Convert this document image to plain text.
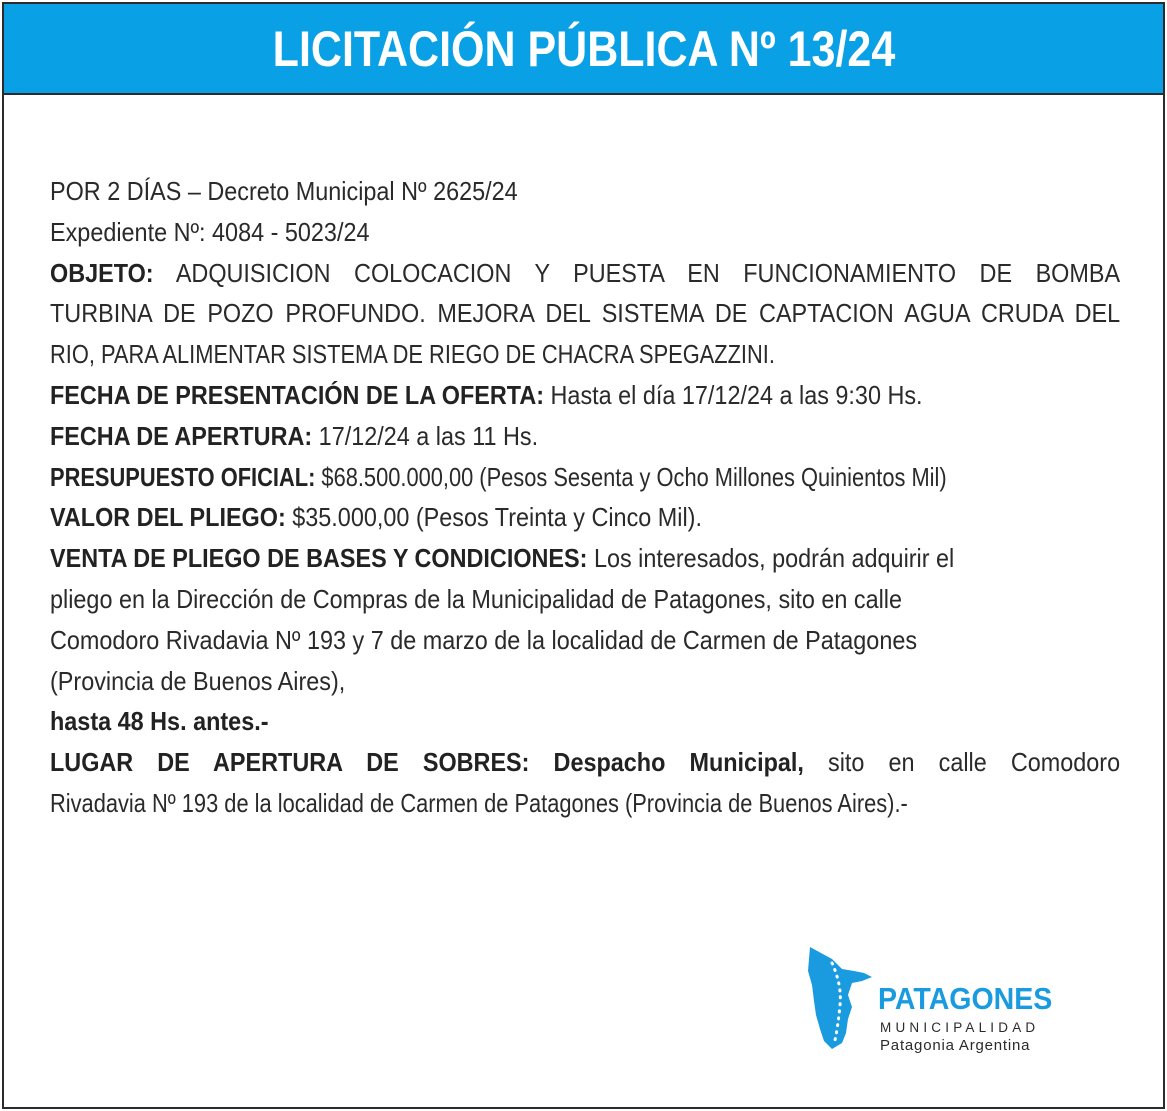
LICITACIÓN PÚBLICA Nº 13/24
POR 2 DÍAS – Decreto Municipal Nº 2625/24
Expediente Nº: 4084 - 5023/24
OBJETO: ADQUISICION COLOCACION Y PUESTA EN FUNCIONAMIENTO DE BOMBA
TURBINA DE POZO PROFUNDO. MEJORA DEL SISTEMA DE CAPTACION AGUA CRUDA DEL
RIO, PARA ALIMENTAR SISTEMA DE RIEGO DE CHACRA SPEGAZZINI.
FECHA DE PRESENTACIÓN DE LA OFERTA: Hasta el día 17/12/24 a las 9:30 Hs.
FECHA DE APERTURA: 17/12/24 a las 11 Hs.
PRESUPUESTO OFICIAL: $68.500.000,00 (Pesos Sesenta y Ocho Millones Quinientos Mil)
VALOR DEL PLIEGO: $35.000,00 (Pesos Treinta y Cinco Mil).
VENTA DE PLIEGO DE BASES Y CONDICIONES: Los interesados, podrán adquirir el
pliego en la Dirección de Compras de la Municipalidad de Patagones, sito en calle
Comodoro Rivadavia Nº 193 y 7 de marzo de la localidad de Carmen de Patagones
(Provincia de Buenos Aires),
hasta 48 Hs. antes.-
LUGAR DE APERTURA DE SOBRES: Despacho Municipal, sito en calle Comodoro
Rivadavia Nº 193 de la localidad de Carmen de Patagones (Provincia de Buenos Aires).-
PATAGONES
MUNICIPALIDAD
Patagonia Argentina
